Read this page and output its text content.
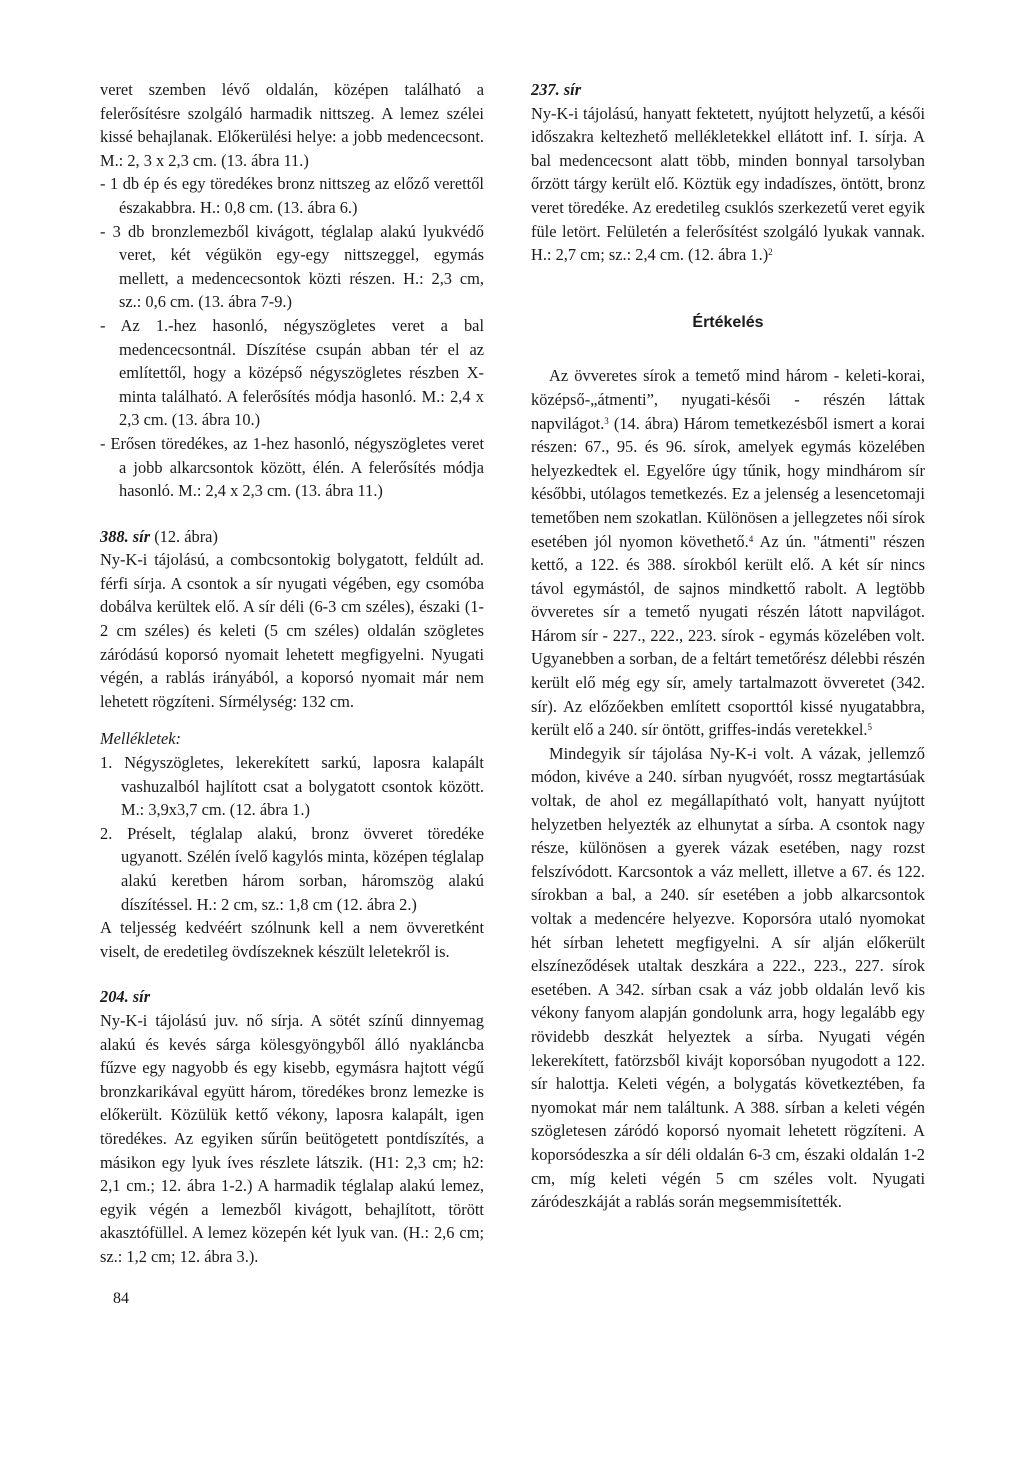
veret szemben lévő oldalán, középen található a felerősítésre szolgáló harmadik nittszeg. A lemez szélei kissé behajlanak. Előkerülési helye: a jobb medencecsont. M.: 2, 3 x 2,3 cm. (13. ábra 11.)

- 1 db ép és egy töredékes bronz nittszeg az előző verettől északabbra. H.: 0,8 cm. (13. ábra 6.)

- 3 db bronzlemezből kivágott, téglalap alakú lyukvédő veret, két végükön egy-egy nittszeggel, egymás mellett, a medencecsontok közti részen. H.: 2,3 cm, sz.: 0,6 cm. (13. ábra 7-9.)

- Az 1.-hez hasonló, négyszögletes veret a bal medencecsontnál. Díszítése csupán abban tér el az említettől, hogy a középső négyszögletes részben X-minta található. A felerősítés módja hasonló. M.: 2,4 x 2,3 cm. (13. ábra 10.)

- Erősen töredékes, az 1-hez hasonló, négyszögletes veret a jobb alkarcsontok között, élén. A felerősítés módja hasonló. M.: 2,4 x 2,3 cm. (13. ábra 11.)

388. sír (12. ábra)

Ny-K-i tájolású, a combcsontokig bolygatott, feldúlt ad. férfi sírja. A csontok a sír nyugati végében, egy csomóba dobálva kerültek elő. A sír déli (6-3 cm széles), északi (1-2 cm széles) és keleti (5 cm széles) oldalán szögletes záródású koporsó nyomait lehetett megfigyelni. Nyugati végén, a rablás irányából, a koporsó nyomait már nem lehetett rögzíteni. Sírmélység: 132 cm.

Mellékletek:

1. Négyszögletes, lekerekített sarkú, laposra kalapált vashuzalból hajlított csat a bolygatott csontok között. M.: 3,9x3,7 cm. (12. ábra 1.)

2. Préselt, téglalap alakú, bronz övveret töredéke ugyanott. Szélén ívelő kagylós minta, középen téglalap alakú keretben három sorban, háromszög alakú díszítéssel. H.: 2 cm, sz.: 1,8 cm (12. ábra 2.)

A teljesség kedvéért szólnunk kell a nem övveretként viselt, de eredetileg övdíszeknek készült leletekről is.

204. sír

Ny-K-i tájolású juv. nő sírja. A sötét színű dinnyemag alakú és kevés sárga kölesgyöngyből álló nyakláncba fűzve egy nagyobb és egy kisebb, egymásra hajtott végű bronzkarikával együtt három, töredékes bronz lemezke is előkerült. Közülük kettő vékony, laposra kalapált, igen töredékes. Az egyiken sűrűn beütögetett pontdíszítés, a másikon egy lyuk íves részlete látszik. (H1: 2,3 cm; h2: 2,1 cm.; 12. ábra 1-2.) A harmadik téglalap alakú lemez, egyik végén a lemezből kivágott, behajlított, törött akasztófüllel. A lemez közepén két lyuk van. (H.: 2,6 cm; sz.: 1,2 cm; 12. ábra 3.).

237. sír

Ny-K-i tájolású, hanyatt fektetett, nyújtott helyzetű, a késői időszakra keltezhető mellékletekkel ellátott inf. I. sírja. A bal medencecsont alatt több, minden bonnyal tarsolyban őrzött tárgy került elő. Köztük egy indadíszes, öntött, bronz veret töredéke. Az eredetileg csuklós szerkezetű veret egyik füle letört. Felületén a felerősítést szolgáló lyukak vannak. H.: 2,7 cm; sz.: 2,4 cm. (12. ábra 1.)$^2$

Értékelés

Az övveretes sírok a temető mind három - keleti-korai, középső-„átmenti”, nyugati-késői - részén láttak napvilágot.$^3$ (14. ábra) Három temetkezésből ismert a korai részen: 67., 95. és 96. sírok, amelyek egymás közelében helyezkedtek el. Egyelőre úgy tűnik, hogy mindhárom sír későbbi, utólagos temetkezés. Ez a jelenség a lesencetomaji temetőben nem szokatlan. Különösen a jellegzetes női sírok esetében jól nyomon követhető.$^4$ Az ún. "átmenti" részen kettő, a 122. és 388. sírokból került elő. A két sír nincs távol egymástól, de sajnos mindkettő rabolt. A legtöbb övveretes sír a temető nyugati részén látott napvilágot. Három sír - 227., 222., 223. sírok - egymás közelében volt. Ugyanebben a sorban, de a feltárt temetőrész délebbi részén került elő még egy sír, amely tartalmazott övveretet (342. sír). Az előzőekben említett csoporttól kissé nyugatabbra, került elő a 240. sír öntött, griffes-indás veretekkel.$^5$

Mindegyik sír tájolása Ny-K-i volt. A vázak, jellemző módon, kivéve a 240. sírban nyugvóét, rossz megtartásúak voltak, de ahol ez megállapítható volt, hanyatt nyújtott helyzetben helyezték az elhunytat a sírba. A csontok nagy része, különösen a gyerek vázak esetében, nagy rozst felszívódott. Karcsontok a váz mellett, illetve a 67. és 122. sírokban a bal, a 240. sír esetében a jobb alkarcsontok voltak a medencére helyezve. Koporsóra utaló nyomokat hét sírban lehetett megfigyelni. A sír alján előkerült elszíneződések utaltak deszkára a 222., 223., 227. sírok esetében. A 342. sírban csak a váz jobb oldalán levő kis vékony fanyom alapján gondolunk arra, hogy legalább egy rövidebb deszkát helyeztek a sírba. Nyugati végén lekerekített, fatörzsből kivájt koporsóban nyugodott a 122. sír halottja. Keleti végén, a bolygatás következtében, fa nyomokat már nem találtunk. A 388. sírban a keleti végén szögletesen záródó koporsó nyomait lehetett rögzíteni. A koporsódeszka a sír déli oldalán 6-3 cm, északi oldalán 1-2 cm, míg keleti végén 5 cm széles volt. Nyugati záródeszkáját a rablás során megsemmisítették.

84
